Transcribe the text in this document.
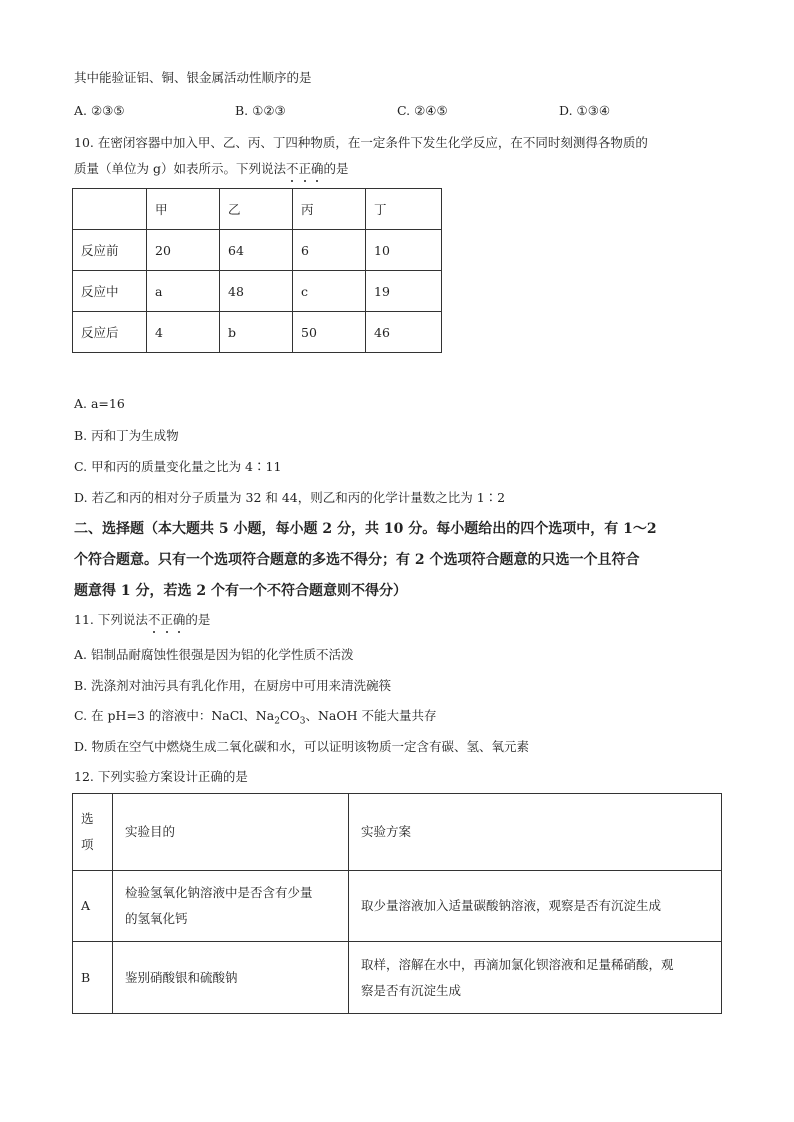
其中能验证铝、铜、银金属活动性顺序的是
A. ②③⑤	B. ①②③	C. ②④⑤	D. ①③④
10. 在密闭容器中加入甲、乙、丙、丁四种物质，在一定条件下发生化学反应，在不同时刻测得各物质的
质量（单位为 g）如表所示。下列说法不正确的是
	甲	乙	丙	丁
反应前	20	64	6	10
反应中	a	48	c	19
反应后	4	b	50	46
A. a=16
B. 丙和丁为生成物
C. 甲和丙的质量变化量之比为 4∶11
D. 若乙和丙的相对分子质量为 32 和 44，则乙和丙的化学计量数之比为 1∶2
二、选择题（本大题共 5 小题，每小题 2 分，共 10 分。每小题给出的四个选项中，有 1～2
个符合题意。只有一个选项符合题意的多选不得分；有 2 个选项符合题意的只选一个且符合
题意得 1 分，若选 2 个有一个不符合题意则不得分）
11. 下列说法不正确的是
A. 铝制品耐腐蚀性很强是因为铝的化学性质不活泼
B. 洗涤剂对油污具有乳化作用，在厨房中可用来清洗碗筷
C. 在 pH=3 的溶液中：NaCl、$Na_2CO_3$、NaOH 不能大量共存
D. 物质在空气中燃烧生成二氧化碳和水，可以证明该物质一定含有碳、氢、氧元素
12. 下列实验方案设计正确的是
选
项	实验目的	实验方案
A	检验氢氧化钠溶液中是否含有少量
的氢氧化钙	取少量溶液加入适量碳酸钠溶液，观察是否有沉淀生成

B	鉴别硝酸银和硫酸钠	取样，溶解在水中，再滴加氯化钡溶液和足量稀硝酸，观
察是否有沉淀生成
